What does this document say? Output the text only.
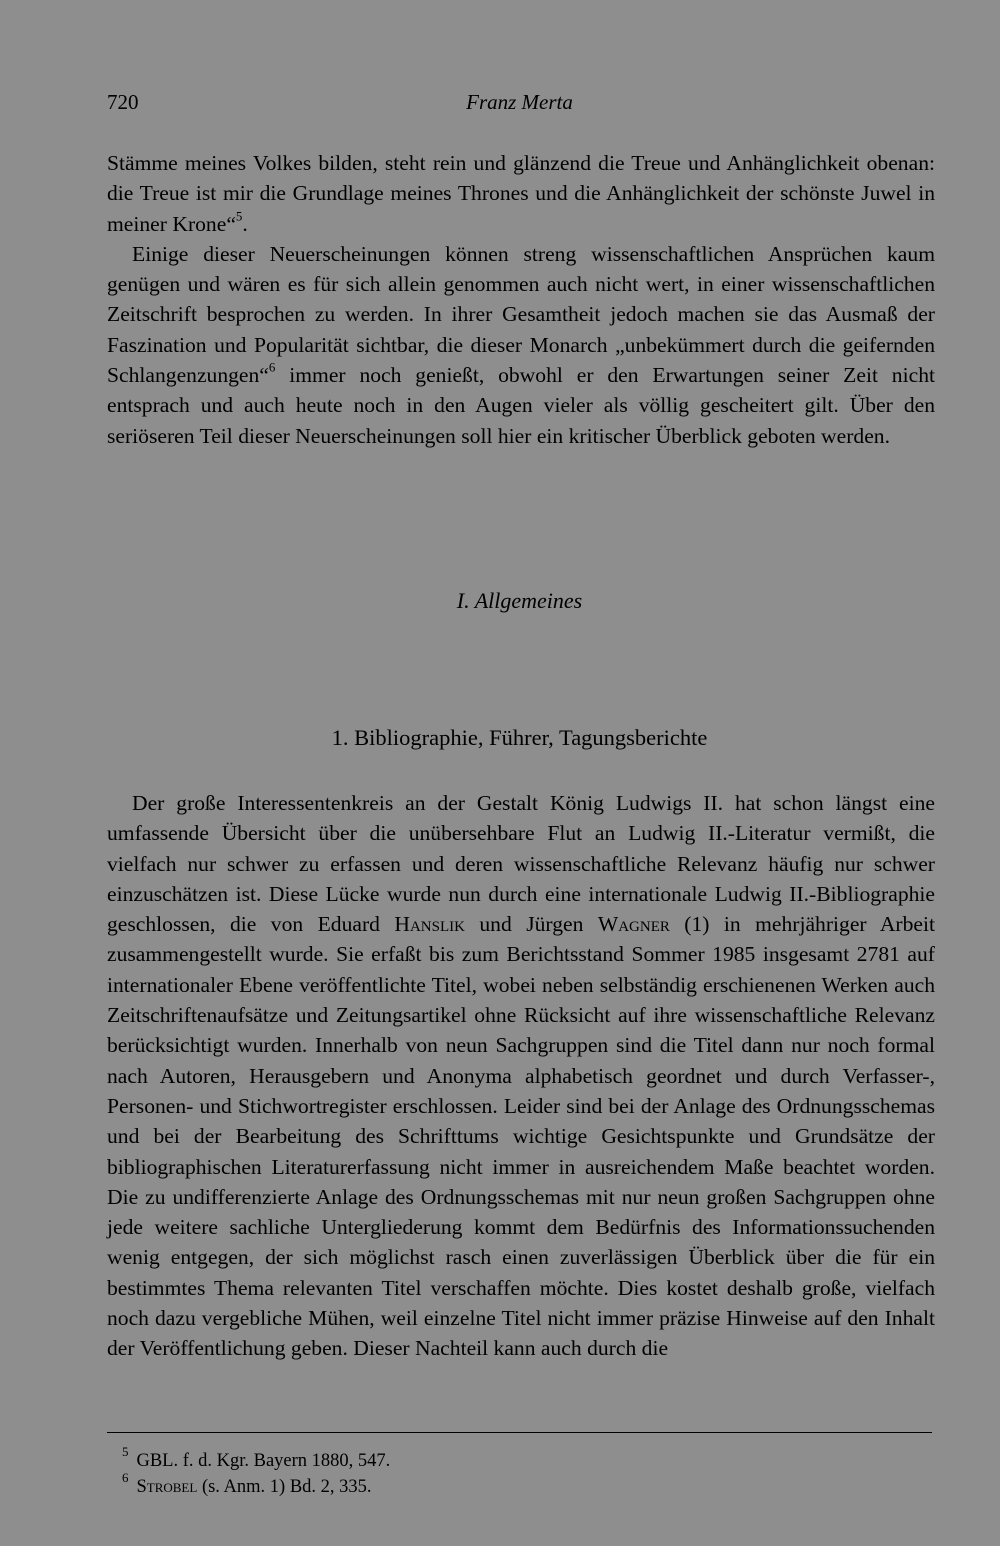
720	Franz Merta

Stämme meines Volkes bilden, steht rein und glänzend die Treue und Anhänglichkeit obenan: die Treue ist mir die Grundlage meines Thrones und die Anhänglichkeit der schönste Juwel in meiner Krone“$^5$.

Einige dieser Neuerscheinungen können streng wissenschaftlichen Ansprüchen kaum genügen und wären es für sich allein genommen auch nicht wert, in einer wissenschaftlichen Zeitschrift besprochen zu werden. In ihrer Gesamtheit jedoch machen sie das Ausmaß der Faszination und Popularität sichtbar, die dieser Monarch „unbekümmert durch die geifernden Schlangenzungen“$^6$ immer noch genießt, obwohl er den Erwartungen seiner Zeit nicht entsprach und auch heute noch in den Augen vieler als völlig gescheitert gilt. Über den seriöseren Teil dieser Neuerscheinungen soll hier ein kritischer Überblick geboten werden.

I. Allgemeines
1. Bibliographie, Führer, Tagungsberichte

Der große Interessentenkreis an der Gestalt König Ludwigs II. hat schon längst eine umfassende Übersicht über die unübersehbare Flut an Ludwig II.-Literatur vermißt, die vielfach nur schwer zu erfassen und deren wissenschaftliche Relevanz häufig nur schwer einzuschätzen ist. Diese Lücke wurde nun durch eine internationale Ludwig II.-Bibliographie geschlossen, die von Eduard Hanslik und Jürgen Wagner (1) in mehrjähriger Arbeit zusammengestellt wurde. Sie erfaßt bis zum Berichtsstand Sommer 1985 insgesamt 2781 auf internationaler Ebene veröffentlichte Titel, wobei neben selbständig erschienenen Werken auch Zeitschriftenaufsätze und Zeitungsartikel ohne Rücksicht auf ihre wissenschaftliche Relevanz berücksichtigt wurden. Innerhalb von neun Sachgruppen sind die Titel dann nur noch formal nach Autoren, Herausgebern und Anonyma alphabetisch geordnet und durch Verfasser-, Personen- und Stichwortregister erschlossen. Leider sind bei der Anlage des Ordnungsschemas und bei der Bearbeitung des Schrifttums wichtige Gesichtspunkte und Grundsätze der bibliographischen Literaturerfassung nicht immer in ausreichendem Maße beachtet worden. Die zu undifferenzierte Anlage des Ordnungsschemas mit nur neun großen Sachgruppen ohne jede weitere sachliche Untergliederung kommt dem Bedürfnis des Informationssuchenden wenig entgegen, der sich möglichst rasch einen zuverlässigen Überblick über die für ein bestimmtes Thema relevanten Titel verschaffen möchte. Dies kostet deshalb große, vielfach noch dazu vergebliche Mühen, weil einzelne Titel nicht immer präzise Hinweise auf den Inhalt der Veröffentlichung geben. Dieser Nachteil kann auch durch die

$^5$ GBL. f. d. Kgr. Bayern 1880, 547.
$^6$ Strobel (s. Anm. 1) Bd. 2, 335.
